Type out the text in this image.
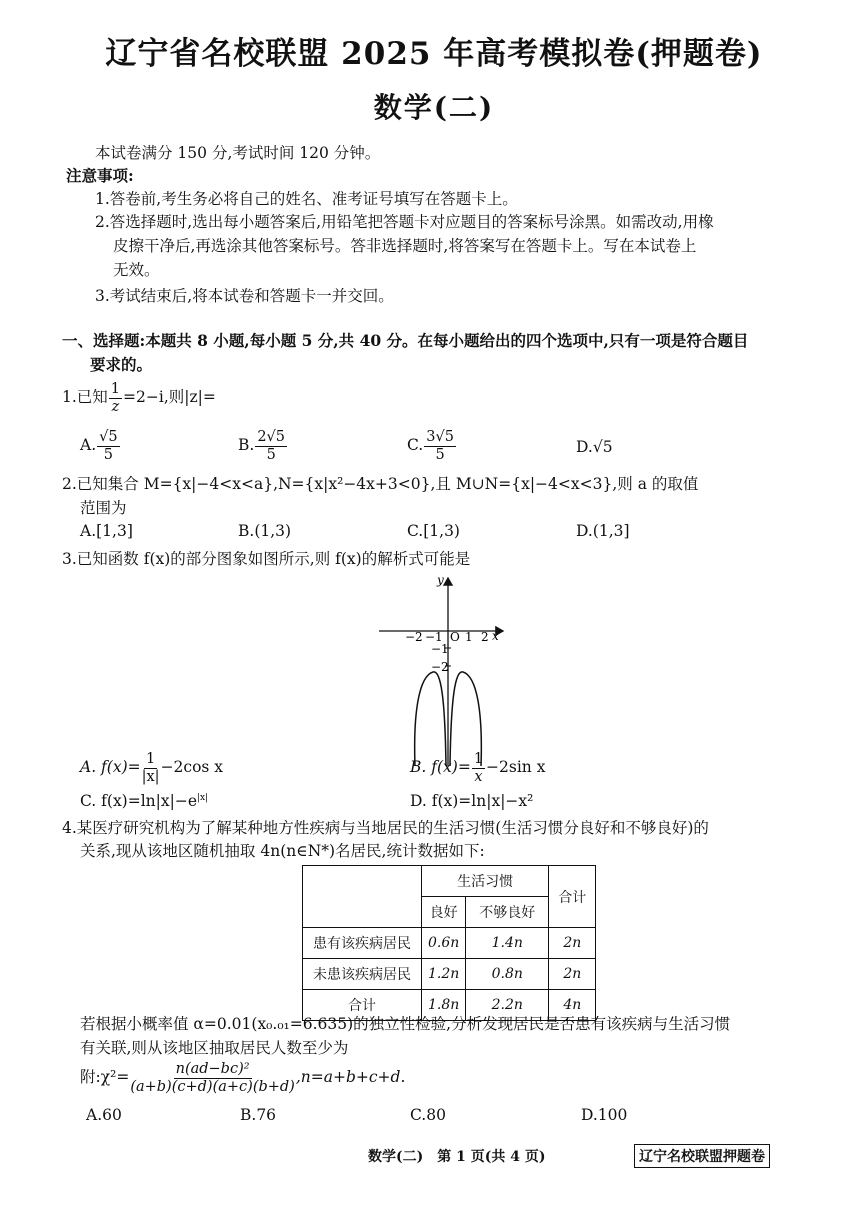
辽宁省名校联盟 2025 年高考模拟卷(押题卷)
数学(二)
本试卷满分 150 分,考试时间 120 分钟。
注意事项:
1.答卷前,考生务必将自己的姓名、准考证号填写在答题卡上。
2.答选择题时,选出每小题答案后,用铅笔把答题卡对应题目的答案标号涂黑。如需改动,用橡
皮擦干净后,再选涂其他答案标号。答非选择题时,将答案写在答题卡上。写在本试卷上
无效。
3.考试结束后,将本试卷和答题卡一并交回。
一、选择题:本题共 8 小题,每小题 5 分,共 40 分。在每小题给出的四个选项中,只有一项是符合题目
要求的。
1.已知 $\frac{1}{z} =2-i$,则|z|=
A. $\frac{√5}{5}$	B. $\frac{2√5}{5}$	C. $\frac{3√5}{5}$	D.√5
2.已知集合 M={x|−4<x<a},N={x|x²−4x+3<0},且 M∪N={x|−4<x<3},则 a 的取值
范围为
A.[1,3]	B.(1,3)	C.[1,3)	D.(1,3]
3.已知函数 f(x)的部分图象如图所示,则 f(x)的解析式可能是
y
x
−2 −1 O 1 2
−1
−2
A. $f(x)= \frac{1}{|x|} -2\cos$ x	B. $f(x)= \frac{1}{x} -2\sin$ x
C. $f(x)=\ln|x|-e^{|x|}$	D. f(x)=ln|x|−x²
4.某医疗研究机构为了解某种地方性疾病与当地居民的生活习惯(生活习惯分良好和不够良好)的
关系,现从该地区随机抽取 4n(n∈N*)名居民,统计数据如下:
	生活习惯		合计
	良好	不够良好	
患有该疾病居民	0.6n	1.4n	2n
未患该疾病居民	1.2n	0.8n	2n
合计	1.8n	2.2n	4n
若根据小概率值 α=0.01(x₀.₀₁=6.635)的独立性检验,分析发现居民是否患有该疾病与生活习惯
有关联,则从该地区抽取居民人数至少为
附:χ²= $\frac{\text{n(ad−bc)²}}{(a+b)(c+d)(a+c)(b+d)} ,n=a+b+c+d$.
A.60	B.76	C.80	D.100
数学(二)　第 1 页(共 4 页)	辽宁名校联盟押题卷
